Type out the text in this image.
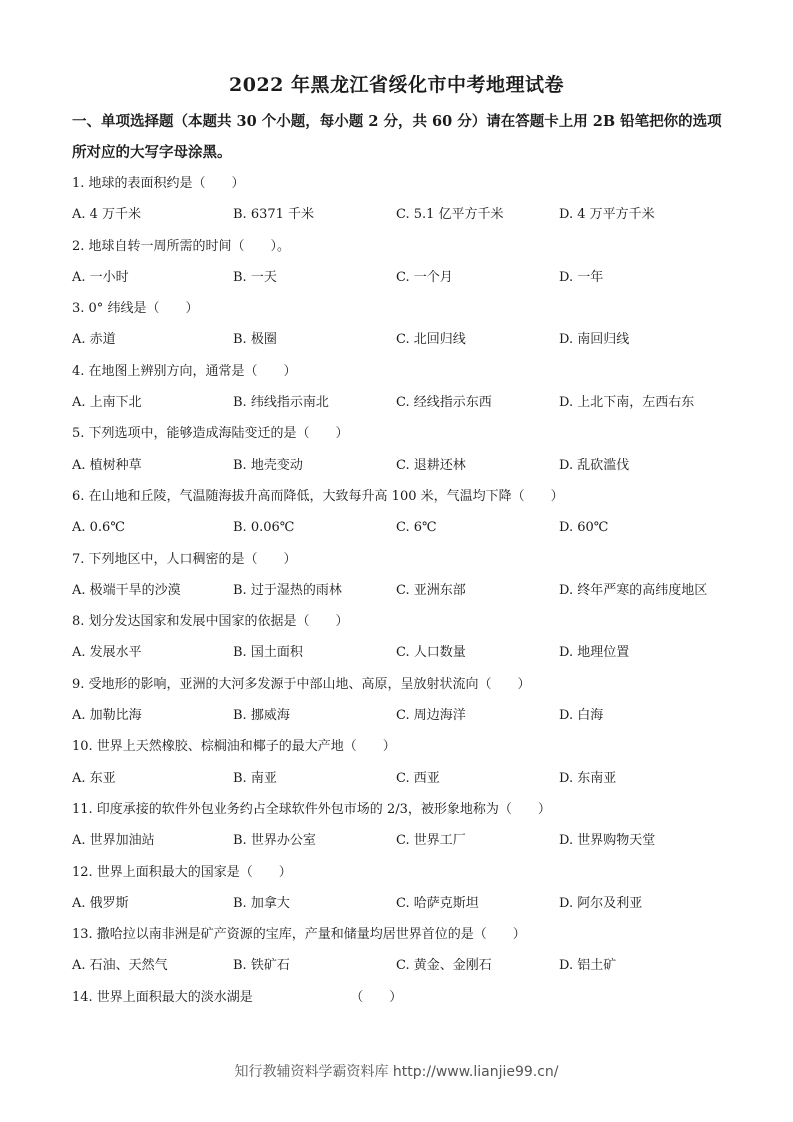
2022 年黑龙江省绥化市中考地理试卷
一、单项选择题（本题共 30 个小题，每小题 2 分，共 60 分）请在答题卡上用 2B 铅笔把你的选项所对应的大写字母涂黑。
1. 地球的表面积约是（　　）
A. 4 万千米	B. 6371 千米	C. 5.1 亿平方千米	D. 4 万平方千米
2. 地球自转一周所需的时间（　　）。
A. 一小时	B. 一天	C. 一个月	D. 一年
3. 0° 纬线是（　　）
A. 赤道	B. 极圈	C. 北回归线	D. 南回归线
4. 在地图上辨别方向，通常是（　　）
A. 上南下北	B. 纬线指示南北	C. 经线指示东西	D. 上北下南，左西右东
5. 下列选项中，能够造成海陆变迁的是（　　）
A. 植树种草	B. 地壳变动	C. 退耕还林	D. 乱砍滥伐
6. 在山地和丘陵，气温随海拔升高而降低，大致每升高 100 米，气温均下降（　　）
A. 0.6℃	B. 0.06℃	C. 6℃	D. 60℃
7. 下列地区中，人口稠密的是（　　）
A. 极端干旱的沙漠	B. 过于湿热的雨林	C. 亚洲东部	D. 终年严寒的高纬度地区
8. 划分发达国家和发展中国家的依据是（　　）
A. 发展水平	B. 国土面积	C. 人口数量	D. 地理位置
9. 受地形的影响，亚洲的大河多发源于中部山地、高原，呈放射状流向（　　）
A. 加勒比海	B. 挪威海	C. 周边海洋	D. 白海
10. 世界上天然橡胶、棕榈油和椰子的最大产地（　　）
A. 东亚	B. 南亚	C. 西亚	D. 东南亚
11. 印度承接的软件外包业务约占全球软件外包市场的 2/3，被形象地称为（　　）
A. 世界加油站	B. 世界办公室	C. 世界工厂	D. 世界购物天堂
12. 世界上面积最大的国家是（　　）
A. 俄罗斯	B. 加拿大	C. 哈萨克斯坦	D. 阿尔及利亚
13. 撒哈拉以南非洲是矿产资源的宝库，产量和储量均居世界首位的是（　　）
A. 石油、天然气	B. 铁矿石	C. 黄金、金刚石	D. 铝土矿
14. 世界上面积最大的淡水湖是　　　　　　　　（　　）
知行教辅资料学霸资料库 http://www.lianjie99.cn/
